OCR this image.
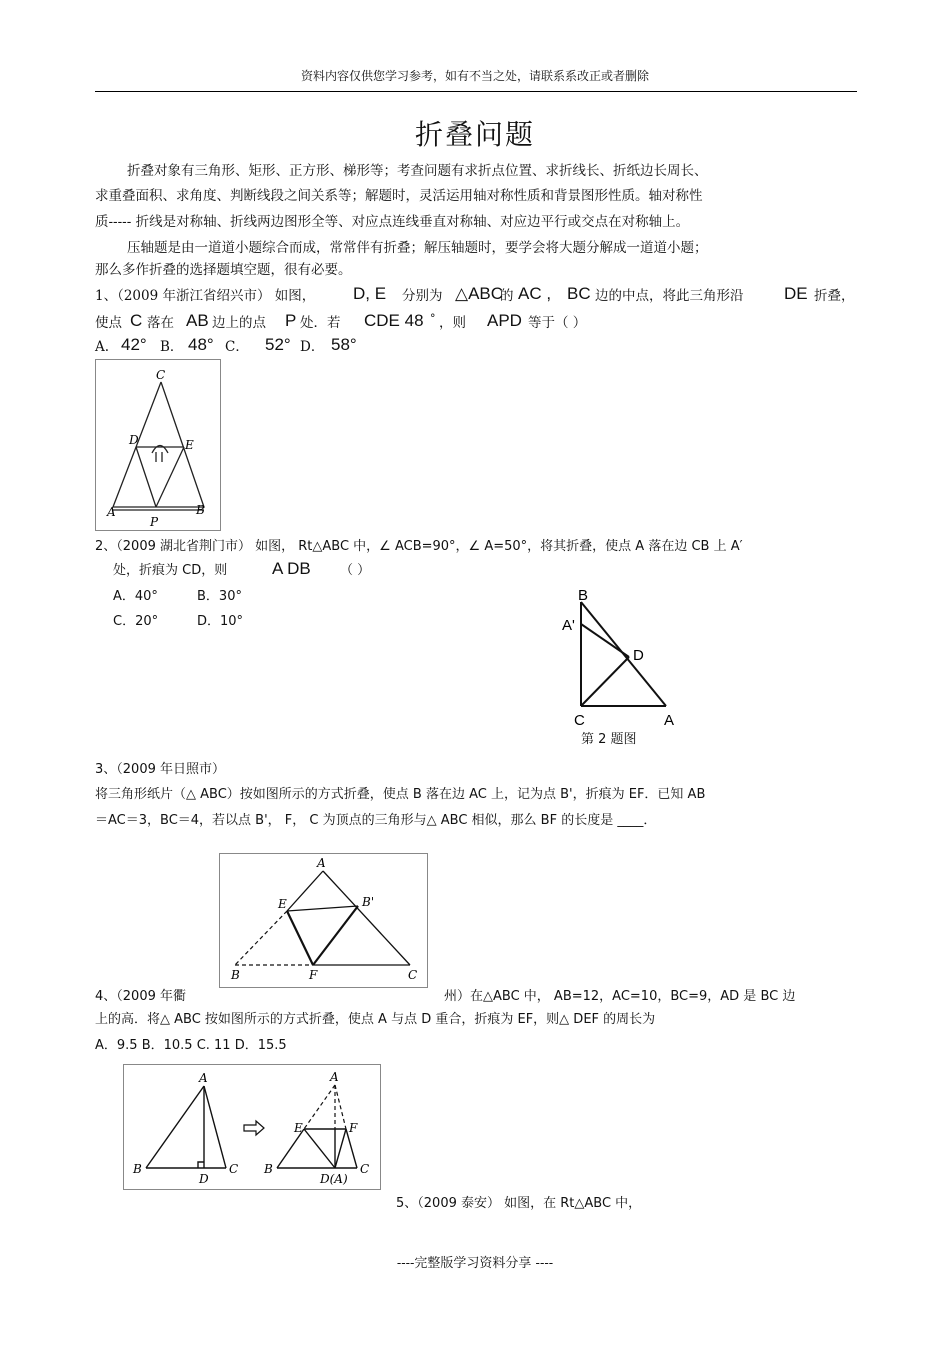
资料内容仅供您学习参考，如有不当之处，请联系系改正或者删除
折叠问题
折叠对象有三角形、矩形、正方形、梯形等；考查问题有求折点位置、求折线长、折纸边长周长、
求重叠面积、求角度、判断线段之间关系等；解题时，灵活运用轴对称性质和背景图形性质。轴对称性
质----- 折线是对称轴、折线两边图形全等、对应点连线垂直对称轴、对应边平行或交点在对称轴上。
压轴题是由一道道小题综合而成，常常伴有折叠；解压轴题时，要学会将大题分解成一道道小题；
那么多作折叠的选择题填空题，很有必要。
1、（2009 年浙江省绍兴市） 如图， D, E 分别为 △ABC
的 AC , BC 边的中点，将此三角形沿 DE 折叠，
使点 C 落在 AB 边上的点 P 处．若 CDE 48 ° ，则 APD 等于（ ）
A. 42° B． 48° C． 52° D． 58°
C
D	E
A
P
B
2、（2009 湖北省荆门市） 如图， Rt△ABC 中，∠ ACB=90°，∠ A=50°，将其折叠，使点 A 落在边 CB 上 A′
处，折痕为 CD，则	A DB （ ）
A．40°	B．30°
C．20°	D．10°
B
A'
D
C	A
第 2 题图
3、（2009 年日照市）
将三角形纸片（△ ABC）按如图所示的方式折叠，使点 B 落在边 AC 上，记为点 B'，折痕为 EF．已知 AB
＝AC＝3，BC＝4，若以点 B'， F， C 为顶点的三角形与△ ABC 相似，那么 BF 的长度是 ____．
A
E	B'
B	F	C
4、（2009 年衢	州）在△ABC 中， AB=12，AC=10，BC=9，AD 是 BC 边
上的高．将△ ABC 按如图所示的方式折叠，使点 A 与点 D 重合，折痕为 EF，则△ DEF 的周长为
A．9.5 B．10.5 C. 11 D．15.5
A
B
D
C
A
E	F
B
D(A)
C
5、（2009 泰安） 如图，在 Rt△ABC 中，
----完整版学习资料分享 ----
